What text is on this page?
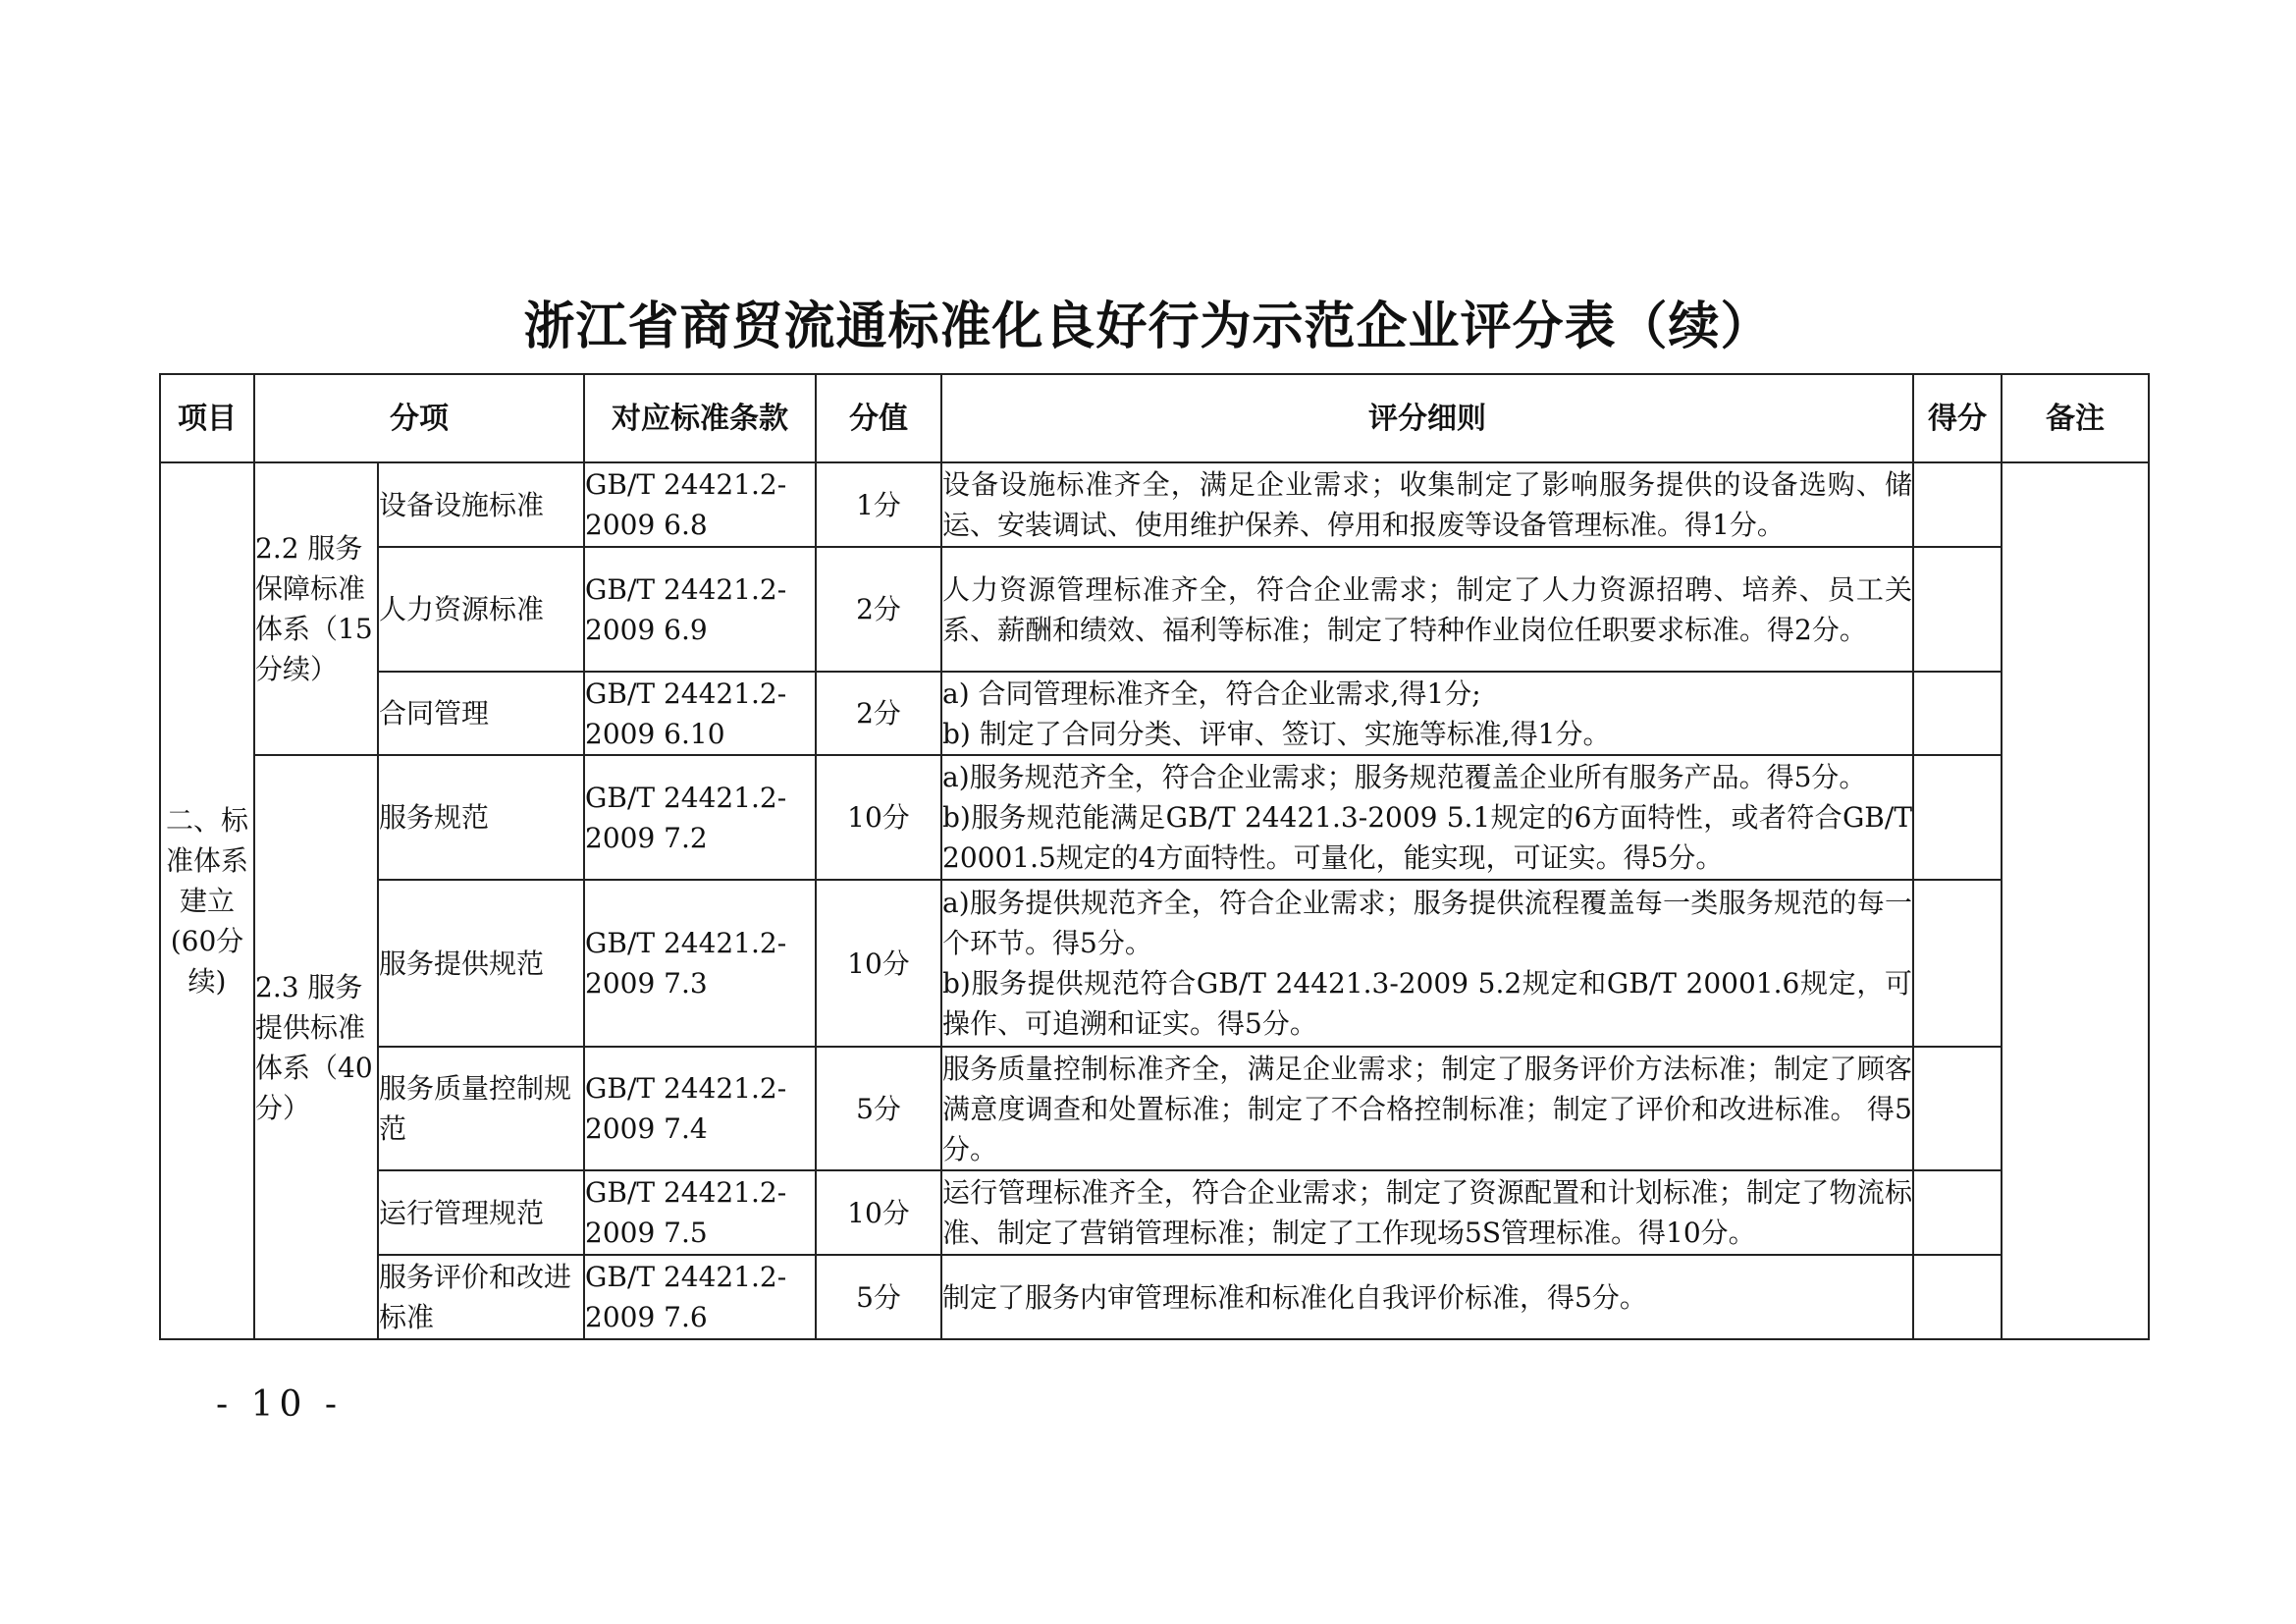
浙江省商贸流通标准化良好行为示范企业评分表（续）
项目	分项		对应标准条款	分值	评分细则	得分	备注
二、标准体系建立(60分续)	2.2 服务保障标准体系（15分续）	设备设施标准	GB/T 24421.2-2009 6.8	1分	设备设施标准齐全，满足企业需求；收集制定了影响服务提供的设备选购、储运、安装调试、使用维护保养、停用和报废等设备管理标准。得1分。		
		人力资源标准	GB/T 24421.2-2009 6.9	2分	人力资源管理标准齐全，符合企业需求；制定了人力资源招聘、培养、员工关系、薪酬和绩效、福利等标准；制定了特种作业岗位任职要求标准。得2分。		
		合同管理	GB/T 24421.2-2009 6.10	2分	a) 合同管理标准齐全，符合企业需求,得1分;
b) 制定了合同分类、评审、签订、实施等标准,得1分。		

	2.3 服务提供标准体系（40分）	服务规范	GB/T 24421.2-2009 7.2	10分	a)服务规范齐全，符合企业需求；服务规范覆盖企业所有服务产品。得5分。
b)服务规范能满足GB/T 24421.3-2009 5.1规定的6方面特性，或者符合GB/T 20001.5规定的4方面特性。可量化，能实现，可证实。得5分。		

		服务提供规范	GB/T 24421.2-2009 7.3	10分	a)服务提供规范齐全，符合企业需求；服务提供流程覆盖每一类服务规范的每一个环节。得5分。
b)服务提供规范符合GB/T 24421.3-2009 5.2规定和GB/T 20001.6规定，可操作、可追溯和证实。得5分。		

		服务质量控制规范	GB/T 24421.2-2009 7.4	5分	服务质量控制标准齐全，满足企业需求；制定了服务评价方法标准；制定了顾客满意度调查和处置标准；制定了不合格控制标准；制定了评价和改进标准。 得5分。		
		运行管理规范	GB/T 24421.2-2009 7.5	10分	运行管理标准齐全，符合企业需求；制定了资源配置和计划标准；制定了物流标准、制定了营销管理标准；制定了工作现场5S管理标准。得10分。		
		服务评价和改进标准	GB/T 24421.2-2009 7.6	5分	制定了服务内审管理标准和标准化自我评价标准，得5分。		
- 10 -
